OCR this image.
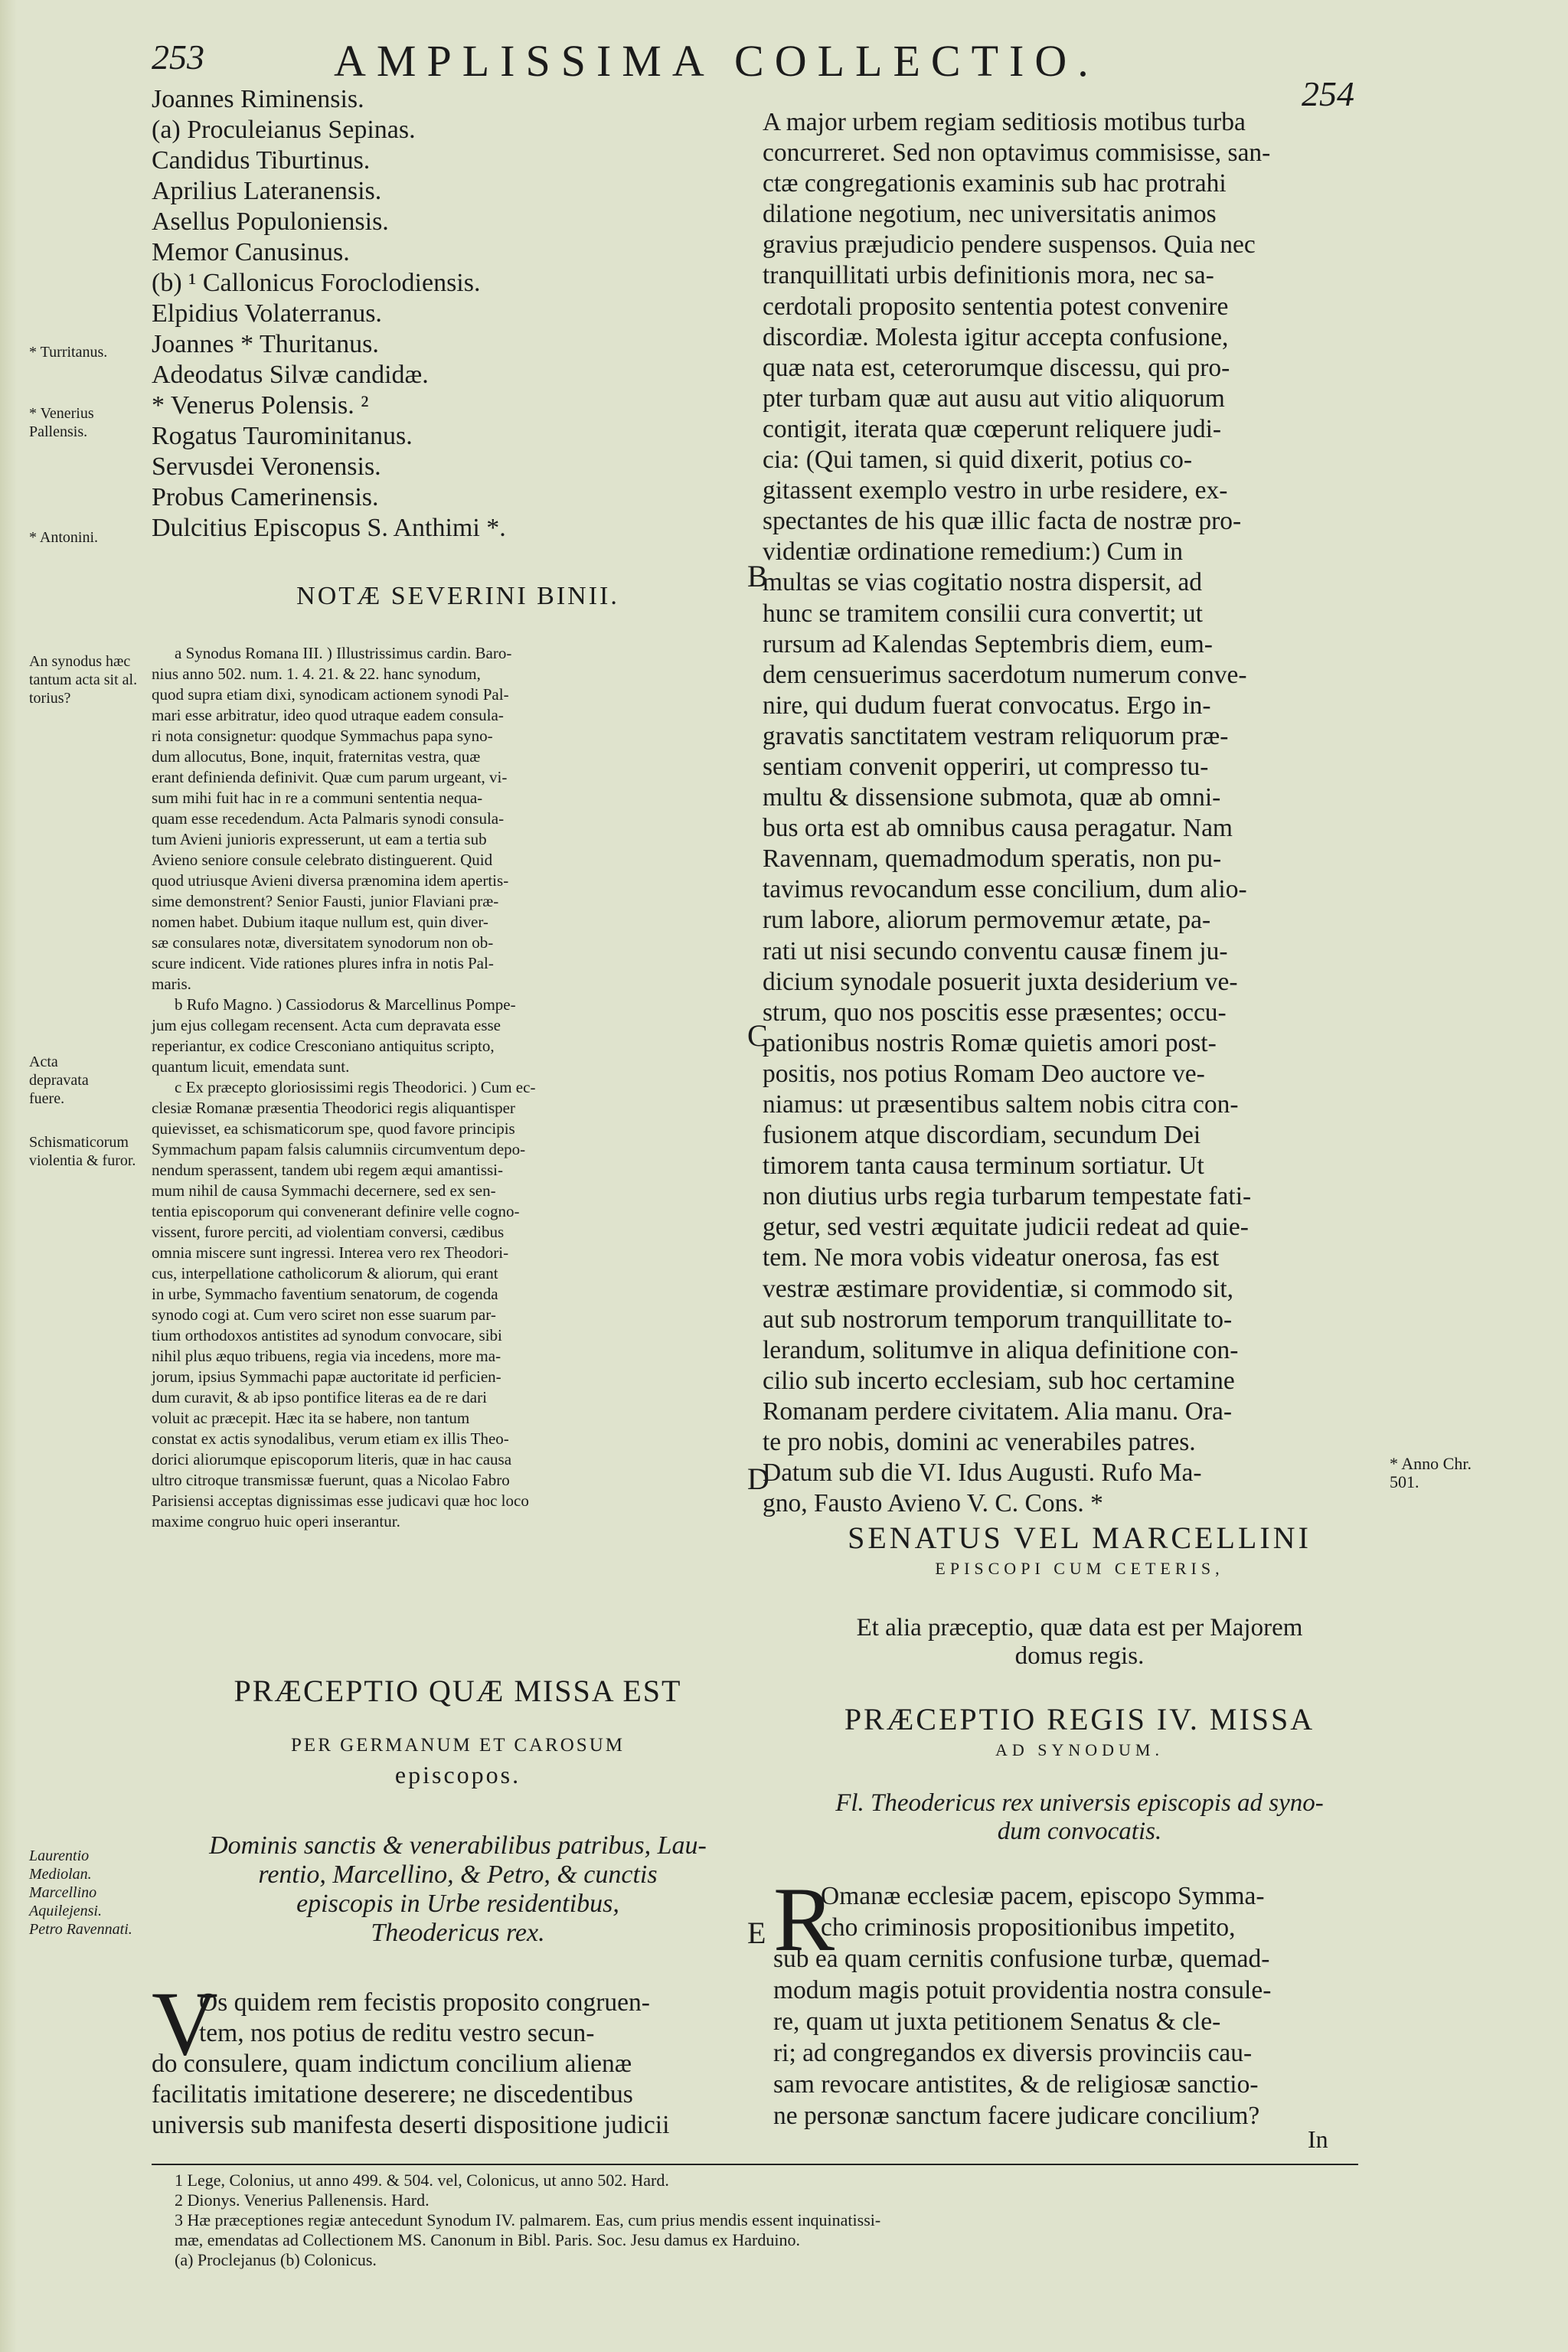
253	AMPLISSIMA COLLECTIO.
254

Joannes Riminensis.

(a) Proculeianus Sepinas.

Candidus Tiburtinus.

Aprilius Lateranensis.

Asellus Populoniensis.

Memor Canusinus.

(b) ¹ Callonicus Foroclodiensis.

Elpidius Volaterranus.

Joannes * Thuritanus.

Adeodatus Silvæ candidæ.

* Venerus Polensis. ²

Rogatus Taurominitanus.

Servusdei Veronensis.

Probus Camerinensis.

Dulcitius Episcopus S. Anthimi *.

* Turritanus.
* Venerius Pallensis.
* Antonini.
An synodus hæc tantum acta sit al. torius?
Acta depravata fuere.
Schismaticorum violentia & furor.
Laurentio Mediolan. Marcellino Aquilejensi. Petro Ravennati.

NOTÆ SEVERINI BINII.

a Synodus Romana III. ) Illustrissimus cardin. Baro-

nius anno 502. num. 1. 4. 21. & 22. hanc synodum,

quod supra etiam dixi, synodicam actionem synodi Pal-

mari esse arbitratur, ideo quod utraque eadem consula-

ri nota consignetur: quodque Symmachus papa syno-

dum allocutus, Bone, inquit, fraternitas vestra, quæ

erant definienda definivit. Quæ cum parum urgeant, vi-

sum mihi fuit hac in re a communi sententia nequa-

quam esse recedendum. Acta Palmaris synodi consula-

tum Avieni junioris expresserunt, ut eam a tertia sub

Avieno seniore consule celebrato distinguerent. Quid

quod utriusque Avieni diversa prænomina idem apertis-

sime demonstrent? Senior Fausti, junior Flaviani præ-

nomen habet. Dubium itaque nullum est, quin diver-

sæ consulares notæ, diversitatem synodorum non ob-

scure indicent. Vide rationes plures infra in notis Pal-

maris.

b Rufo Magno. ) Cassiodorus & Marcellinus Pompe-

jum ejus collegam recensent. Acta cum depravata esse

reperiantur, ex codice Cresconiano antiquitus scripto,

quantum licuit, emendata sunt.

c Ex præcepto gloriosissimi regis Theodorici. ) Cum ec-

clesiæ Romanæ præsentia Theodorici regis aliquantisper

quievisset, ea schismaticorum spe, quod favore principis

Symmachum papam falsis calumniis circumventum depo-

nendum sperassent, tandem ubi regem æqui amantissi-

mum nihil de causa Symmachi decernere, sed ex sen-

tentia episcoporum qui convenerant definire velle cogno-

vissent, furore perciti, ad violentiam conversi, cædibus

omnia miscere sunt ingressi. Interea vero rex Theodori-

cus, interpellatione catholicorum & aliorum, qui erant

in urbe, Symmacho faventium senatorum, de cogenda

synodo cogi at. Cum vero sciret non esse suarum par-

tium orthodoxos antistites ad synodum convocare, sibi

nihil plus æquo tribuens, regia via incedens, more ma-

jorum, ipsius Symmachi papæ auctoritate id perficien-

dum curavit, & ab ipso pontifice literas ea de re dari

voluit ac præcepit. Hæc ita se habere, non tantum

constat ex actis synodalibus, verum etiam ex illis Theo-

dorici aliorumque episcoporum literis, quæ in hac causa

ultro citroque transmissæ fuerunt, quas a Nicolao Fabro

Parisiensi acceptas dignissimas esse judicavi quæ hoc loco

maxime congruo huic operi inserantur.

PRÆCEPTIO QUÆ MISSA EST

PER GERMANUM ET CAROSUM

episcopos.

Dominis sanctis & venerabilibus patribus, Lau-

rentio, Marcellino, & Petro, & cunctis

episcopis in Urbe residentibus,

Theodericus rex.

V

Os quidem rem fecistis proposito congruen-

tem, nos potius de reditu vestro secun-

do consulere, quam indictum concilium alienæ

facilitatis imitatione deserere; ne discedentibus

universis sub manifesta deserti dispositione judicii

A major urbem regiam seditiosis motibus turba

concurreret. Sed non optavimus commisisse, san-

ctæ congregationis examinis sub hac protrahi

dilatione negotium, nec universitatis animos

gravius præjudicio pendere suspensos. Quia nec

tranquillitati urbis definitionis mora, nec sa-

cerdotali proposito sententia potest convenire

discordiæ. Molesta igitur accepta confusione,

quæ nata est, ceterorumque discessu, qui pro-

pter turbam quæ aut ausu aut vitio aliquorum

contigit, iterata quæ cœperunt reliquere judi-

cia: (Qui tamen, si quid dixerit, potius co-

gitassent exemplo vestro in urbe residere, ex-

spectantes de his quæ illic facta de nostræ pro-

videntiæ ordinatione remedium:) Cum in

multas se vias cogitatio nostra dispersit, ad

hunc se tramitem consilii cura convertit; ut

rursum ad Kalendas Septembris diem, eum-

dem censuerimus sacerdotum numerum conve-

nire, qui dudum fuerat convocatus. Ergo in-

gravatis sanctitatem vestram reliquorum præ-

sentiam convenit opperiri, ut compresso tu-

multu & dissensione submota, quæ ab omni-

bus orta est ab omnibus causa peragatur. Nam

Ravennam, quemadmodum speratis, non pu-

tavimus revocandum esse concilium, dum alio-

rum labore, aliorum permovemur ætate, pa-

rati ut nisi secundo conventu causæ finem ju-

dicium synodale posuerit juxta desiderium ve-

strum, quo nos poscitis esse præsentes; occu-

pationibus nostris Romæ quietis amori post-

positis, nos potius Romam Deo auctore ve-

niamus: ut præsentibus saltem nobis citra con-

fusionem atque discordiam, secundum Dei

timorem tanta causa terminum sortiatur. Ut

non diutius urbs regia turbarum tempestate fati-

getur, sed vestri æquitate judicii redeat ad quie-

tem. Ne mora vobis videatur onerosa, fas est

vestræ æstimare providentiæ, si commodo sit,

aut sub nostrorum temporum tranquillitate to-

lerandum, solitumve in aliqua definitione con-

cilio sub incerto ecclesiam, sub hoc certamine

Romanam perdere civitatem. Alia manu. Ora-

te pro nobis, domini ac venerabiles patres.

Datum sub die VI. Idus Augusti. Rufo Ma-

gno, Fausto Avieno V. C. Cons. *

B
C
D	* Anno Chr. 501.

SENATUS VEL MARCELLINI

EPISCOPI CUM CETERIS,

Et alia præceptio, quæ data est per Majorem

domus regis.

PRÆCEPTIO REGIS IV. MISSA

AD SYNODUM.

Fl. Theodericus rex universis episcopis ad syno-

dum convocatis.

E R

Omanæ ecclesiæ pacem, episcopo Symma-

cho criminosis propositionibus impetito,

sub ea quam cernitis confusione turbæ, quemad-

modum magis potuit providentia nostra consule-

re, quam ut juxta petitionem Senatus & cle-

ri; ad congregandos ex diversis provinciis cau-

sam revocare antistites, & de religiosæ sanctio-

ne personæ sanctum facere judicare concilium?

In

1 Lege, Colonius, ut anno 499. & 504. vel, Colonicus, ut anno 502. Hard.

2 Dionys. Venerius Pallenensis. Hard.

3 Hæ præceptiones regiæ antecedunt Synodum IV. palmarem. Eas, cum prius mendis essent inquinatissi-

mæ, emendatas ad Collectionem MS. Canonum in Bibl. Paris. Soc. Jesu damus ex Harduino.

(a) Proclejanus (b) Colonicus.
